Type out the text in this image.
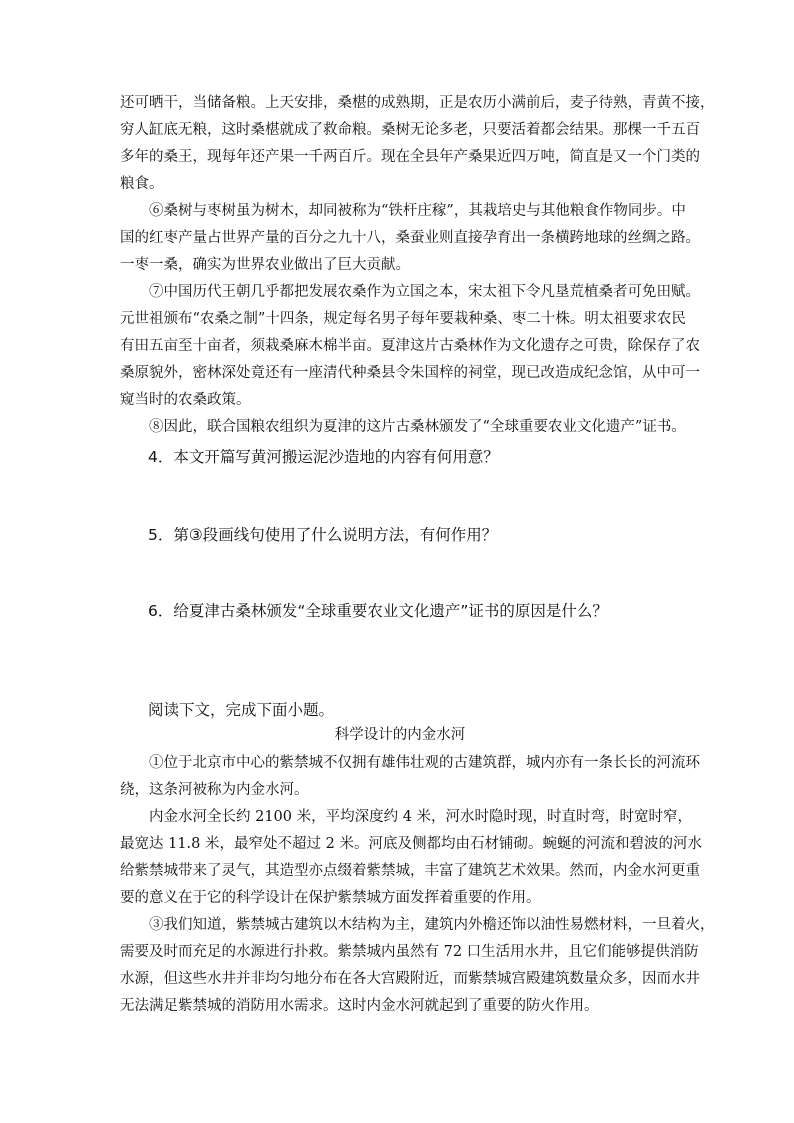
还可晒干，当储备粮。上天安排，桑椹的成熟期，正是农历小满前后，麦子待熟，青黄不接，
穷人缸底无粮，这时桑椹就成了救命粮。桑树无论多老，只要活着都会结果。那棵一千五百
多年的桑王，现每年还产果一千两百斤。现在全县年产桑果近四万吨，简直是又一个门类的
粮食。
⑥桑树与枣树虽为树木，却同被称为“铁杆庄稼”，其栽培史与其他粮食作物同步。中
国的红枣产量占世界产量的百分之九十八，桑蚕业则直接孕育出一条横跨地球的丝绸之路。
一枣一桑，确实为世界农业做出了巨大贡献。
⑦中国历代王朝几乎都把发展农桑作为立国之本，宋太祖下令凡垦荒植桑者可免田赋。
元世祖颁布“农桑之制”十四条，规定每名男子每年要栽种桑、枣二十株。明太祖要求农民
有田五亩至十亩者，须栽桑麻木棉半亩。夏津这片古桑林作为文化遗存之可贵，除保存了农
桑原貌外，密林深处竟还有一座清代种桑县令朱国梓的祠堂，现已改造成纪念馆，从中可一
窥当时的农桑政策。
⑧因此，联合国粮农组织为夏津的这片古桑林颁发了“全球重要农业文化遗产”证书。

4．本文开篇写黄河搬运泥沙造地的内容有何用意？

5．第③段画线句使用了什么说明方法，有何作用？

6．给夏津古桑林颁发“全球重要农业文化遗产”证书的原因是什么？

阅读下文，完成下面小题。

科学设计的内金水河

①位于北京市中心的紫禁城不仅拥有雄伟壮观的古建筑群，城内亦有一条长长的河流环
绕，这条河被称为内金水河。
内金水河全长约 2100 米，平均深度约 4 米，河水时隐时现，时直时弯，时宽时窄，
最宽达 11.8 米，最窄处不超过 2 米。河底及侧都均由石材铺砌。蜿蜒的河流和碧波的河水
给紫禁城带来了灵气，其造型亦点缀着紫禁城，丰富了建筑艺术效果。然而，内金水河更重
要的意义在于它的科学设计在保护紫禁城方面发挥着重要的作用。
③我们知道，紫禁城古建筑以木结构为主，建筑内外檐还饰以油性易燃材料，一旦着火，
需要及时而充足的水源进行扑救。紫禁城内虽然有 72 口生活用水井，且它们能够提供消防
水源，但这些水井并非均匀地分布在各大宫殿附近，而紫禁城宫殿建筑数量众多，因而水井
无法满足紫禁城的消防用水需求。这时内金水河就起到了重要的防火作用。
